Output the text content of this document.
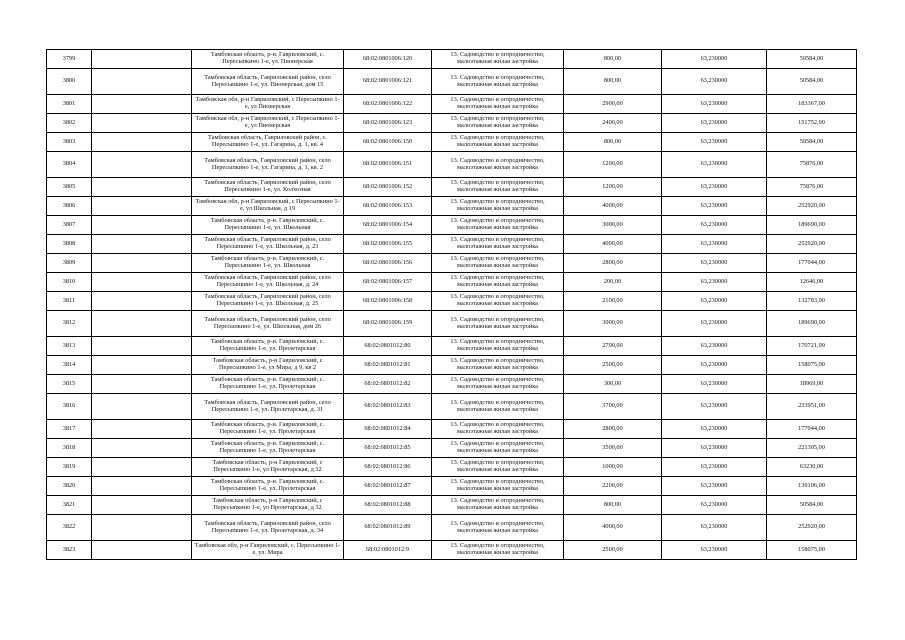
3799		Тамбовская область, р-н. Гавриловский, с. Пересыпкино 1-е, ул. Пионерская	68:02:0801006:120	13. Садоводство и огородничество, малоэтажная жилая застройка	800,00	63,230000	50584,00
3800		Тамбовская область, Гавриловский район, село Пересыпкино 1-е, ул. Пионерская, дом 15	68:02:0801006:121	13. Садоводство и огородничество, малоэтажная жилая застройка	800,00	63,230000	50584,00
3801		Тамбовская обл, р-н Гавриловский, с Пересыпкино 1-е, ул Пионерская	68:02:0801006:122	13. Садоводство и огородничество, малоэтажная жилая застройка	2900,00	63,230000	183367,00
3802		Тамбовская обл, р-н Гавриловский, с Пересыпкино 1-е, ул Пионерская	68:02:0801006:123	13. Садоводство и огородничество, малоэтажная жилая застройка	2400,00	63,230000	151752,00
3803		Тамбовская область, Гавриловский район, с. Пересыпкино 1-е, ул. Гагарина, д. 1, кв. 4	68:02:0801006:150	13. Садоводство и огородничество, малоэтажная жилая застройка	800,00	63,230000	50584,00
3804		Тамбовская область, Гавриловский район, село Пересыпкино 1-е, ул. Гагарина, д. 1, кв. 2	68:02:0801006:151	13. Садоводство и огородничество, малоэтажная жилая застройка	1200,00	63,230000	75876,00
3805		Тамбовская область, Гавриловский район, село Пересыпкино 1-е, ул. Колхозная	68:02:0801006:152	13. Садоводство и огородничество, малоэтажная жилая застройка	1200,00	63,230000	75876,00
3806		Тамбовская обл, р-н Гавриловский, с Пересыпкино 1-е, ул Школьная, д 19	68:02:0801006:153	13. Садоводство и огородничество, малоэтажная жилая застройка	4000,00	63,230000	252920,00
3807		Тамбовская область, р-н. Гавриловский, с. Пересыпкино 1-е, ул. Школьная	68:02:0801006:154	13. Садоводство и огородничество, малоэтажная жилая застройка	3000,00	63,230000	189690,00
3808		Тамбовская область, Гавриловский район, село Пересыпкино 1-е, ул. Школьная, д. 23	68:02:0801006:155	13. Садоводство и огородничество, малоэтажная жилая застройка	4000,00	63,230000	252920,00
3809		Тамбовская область, р-н. Гавриловский, с. Пересыпкино 1-е, ул. Школьная	68:02:0801006:156	13. Садоводство и огородничество, малоэтажная жилая застройка	2800,00	63,230000	177044,00
3810		Тамбовская область, Гавриловский район, село Пересыпкино 1-е, ул. Школьная, д. 24	68:02:0801006:157	13. Садоводство и огородничество, малоэтажная жилая застройка	200,00	63,230000	12646,00
3811		Тамбовская область, Гавриловский район, село Пересыпкино 1-е, ул. Школьная, д. 25	68:02:0801006:158	13. Садоводство и огородничество, малоэтажная жилая застройка	2100,00	63,230000	132783,00
3812		Тамбовская область, Гавриловский район, село Пересыпкино 1-е, ул. Школьная, дом 26	68:02:0801006:159	13. Садоводство и огородничество, малоэтажная жилая застройка	3000,00	63,230000	189690,00
3813		Тамбовская область, р-н. Гавриловский, с. Пересыпкино 1-е, ул. Пролетарская	68:02:0801012:80	13. Садоводство и огородничество, малоэтажная жилая застройка	2700,00	63,230000	170721,00
3814		Тамбовская область, р-н Гавриловский, с Пересыпкино 1-е, ул Мира, д 9, кв 2	68:02:0801012:81	13. Садоводство и огородничество, малоэтажная жилая застройка	2500,00	63,230000	158075,00
3815		Тамбовская область, р-н. Гавриловский, с. Пересыпкино 1-е, ул. Пролетарская	68:02:0801012:82	13. Садоводство и огородничество, малоэтажная жилая застройка	300,00	63,230000	18969,00
3816		Тамбовская область, Гавриловский район, село Пересыпкино 1-е, ул. Пролетарская, д. 31	68:02:0801012:83	13. Садоводство и огородничество, малоэтажная жилая застройка	3700,00	63,230000	233951,00
3817		Тамбовская область, р-н. Гавриловский, с. Пересыпкино 1-е, ул. Пролетарская	68:02:0801012:84	13. Садоводство и огородничество, малоэтажная жилая застройка	2800,00	63,230000	177044,00
3818		Тамбовская область, р-н. Гавриловский, с. Пересыпкино 1-е, ул. Пролетарская	68:02:0801012:85	13. Садоводство и огородничество, малоэтажная жилая застройка	3500,00	63,230000	221305,00
3819		Тамбовская область, р-н Гавриловский, с Пересыпкино 1-е, ул Пролетарская, д 32	68:02:0801012:86	13. Садоводство и огородничество, малоэтажная жилая застройка	1000,00	63,230000	63230,00
3820		Тамбовская область, р-н. Гавриловский, с. Пересыпкино 1-е, ул. Пролетарская	68:02:0801012:87	13. Садоводство и огородничество, малоэтажная жилая застройка	2200,00	63,230000	139106,00
3821		Тамбовская область, р-н Гавриловский, с Пересыпкино 1-е, ул Пролетарская, д 32	68:02:0801012:88	13. Садоводство и огородничество, малоэтажная жилая застройка	800,00	63,230000	50584,00
3822		Тамбовская область, Гавриловский район, село Пересыпкино 1-е, ул. Пролетарская, д. 34	68:02:0801012:89	13. Садоводство и огородничество, малоэтажная жилая застройка	4000,00	63,230000	252920,00
3823		Тамбовская обл, р-н Гавриловский, с. Пересыпкино 1-е, ул. Мира	68:02:0801012:9	13. Садоводство и огородничество, малоэтажная жилая застройка	2500,00	63,230000	158075,00
